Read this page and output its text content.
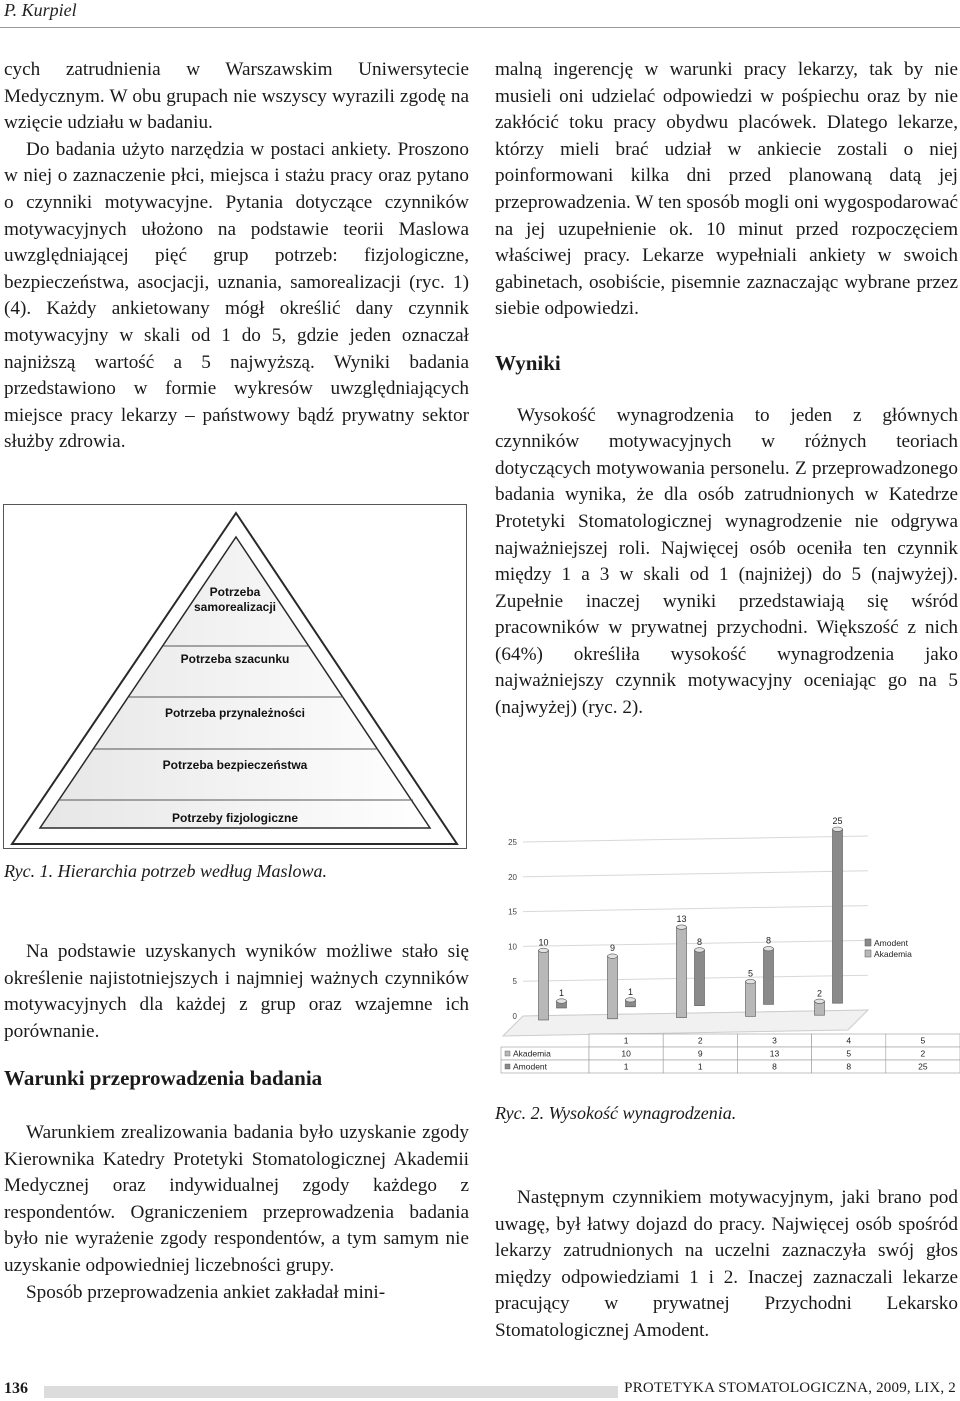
P. Kurpiel

cych zatrudnienia w Warszawskim Uniwersytecie Medycznym. W obu grupach nie wszyscy wyrazili zgodę na wzięcie udziału w badaniu.

Do badania użyto narzędzia w postaci ankiety. Proszono w niej o zaznaczenie płci, miejsca i stażu pracy oraz pytano o czynniki motywacyjne. Pytania dotyczące czynników motywacyjnych ułożono na podstawie teorii Maslowa uwzględniającej pięć grup potrzeb: fizjologiczne, bezpieczeństwa, asocjacji, uznania, samorealizacji (ryc. 1) (4). Każdy ankietowany mógł określić dany czynnik motywacyjny w skali od 1 do 5, gdzie jeden oznaczał najniższą wartość a 5 najwyższą. Wyniki badania przedstawiono w formie wykresów uwzględniających miejsce pracy lekarzy – państwowy bądź prywatny sektor służby zdrowia.

Potrzeba
samorealizacji
Potrzeba szacunku
Potrzeba przynależności
Potrzeba bezpieczeństwa
Potrzeby fizjologiczne
Ryc. 1. Hierarchia potrzeb według Maslowa.

Na podstawie uzyskanych wyników możliwe stało się określenie najistotniejszych i najmniej ważnych czynników motywacyjnych dla każdej z grup oraz wzajemne ich porównanie.

Warunki przeprowadzenia badania

Warunkiem zrealizowania badania było uzyskanie zgody Kierownika Katedry Protetyki Stomatologicznej Akademii Medycznej oraz indywidualnej zgody każdego z respondentów. Ograniczeniem przeprowadzenia badania było nie wyrażenie zgody respondentów, a tym samym nie uzyskanie odpowiedniej liczebności grupy.

Sposób przeprowadzenia ankiet zakładał mini-

malną ingerencję w warunki pracy lekarzy, tak by nie musieli oni udzielać odpowiedzi w pośpiechu oraz by nie zakłócić toku pracy obydwu placówek. Dlatego lekarze, którzy mieli brać udział w ankiecie zostali o niej poinformowani kilka dni przed planowaną datą jej przeprowadzenia. W ten sposób mogli oni wygospodarować na jej uzupełnienie ok. 10 minut przed rozpoczęciem właściwej pracy. Lekarze wypełniali ankiety w swoich gabinetach, osobiście, pisemnie zaznaczając wybrane przez siebie odpowiedzi.

Wyniki

Wysokość wynagrodzenia to jeden z głównych czynników motywacyjnych w różnych teoriach dotyczących motywowania personelu. Z przeprowadzonego badania wynika, że dla osób zatrudnionych w Katedrze Protetyki Stomatologicznej wynagrodzenie nie odgrywa najważniejszej roli. Najwięcej osób oceniła ten czynnik między 1 a 3 w skali od 1 (najniżej) do 5 (najwyżej). Zupełnie inaczej wyniki przedstawiają się wśród pracowników w prywatnej przychodni. Większość z nich (64%) określiła wysokość wynagrodzenia jako najważniejszy czynnik motywacyjny oceniając go na 5 (najwyżej) (ryc. 2).

0
5
10
15
20
25
1	1
8	8
25
10
9
13
5
2
Amodent
Akademia
1	2	3	4	5
Akademia	10	9	13	5	2
Amodent	1	1	8	8	25
Ryc. 2. Wysokość wynagrodzenia.

Następnym czynnikiem motywacyjnym, jaki brano pod uwagę, był łatwy dojazd do pracy. Najwięcej osób spośród lekarzy zatrudnionych na uczelni zaznaczyła swój głos między odpowiedziami 1 i 2. Inaczej zaznaczali lekarze pracujący w prywatnej Przychodni Lekarsko Stomatologicznej Amodent.

136	PROTETYKA STOMATOLOGICZNA, 2009, LIX, 2
